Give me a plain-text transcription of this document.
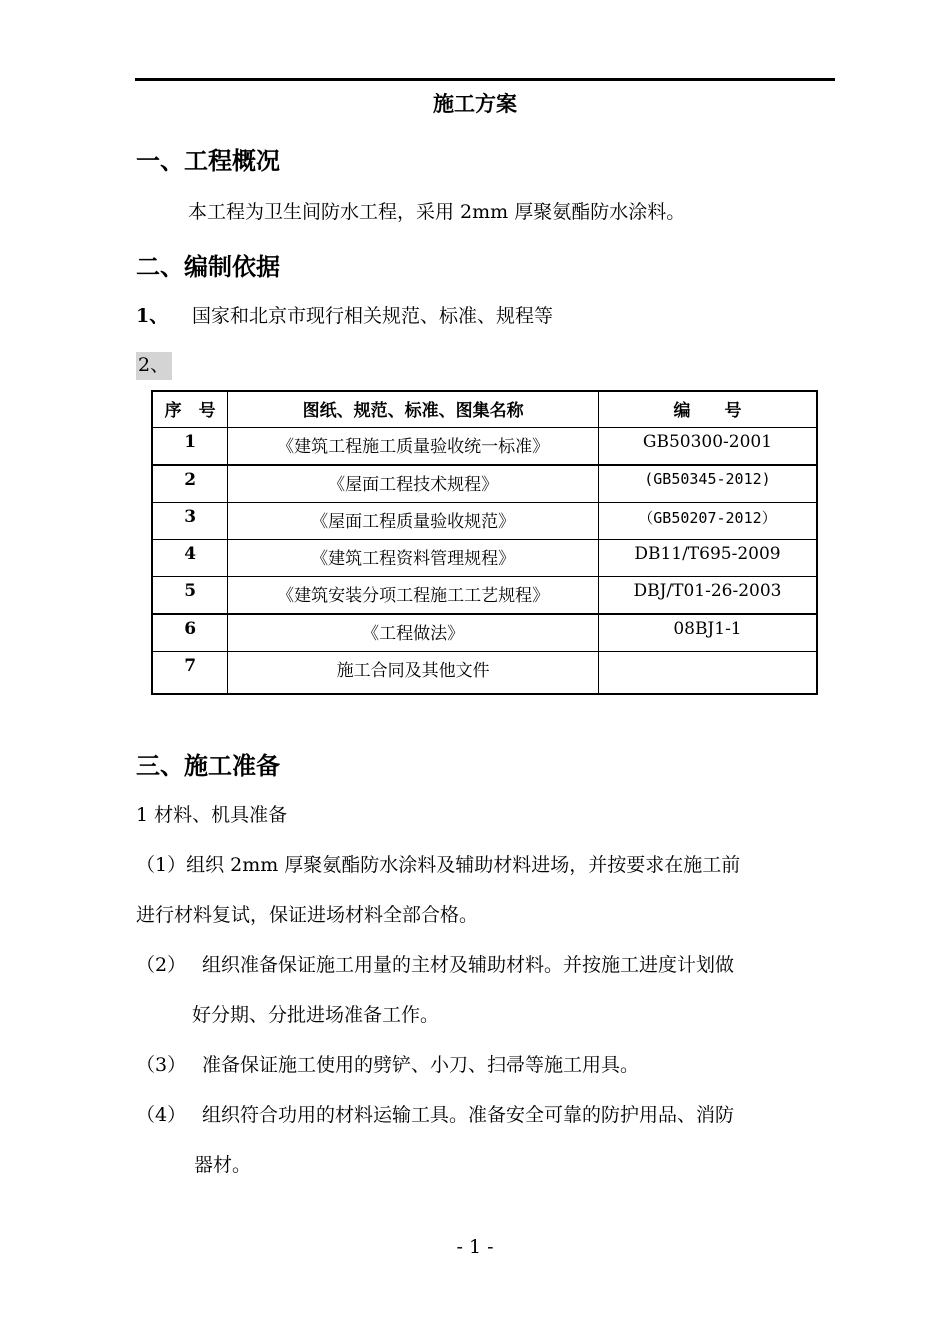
施工方案
一、工程概况
本工程为卫生间防水工程，采用 2mm 厚聚氨酯防水涂料。
二、编制依据
1、 国家和北京市现行相关规范、标准、规程等
2、
序　号	图纸、规范、标准、图集名称	编　　号
1	《建筑工程施工质量验收统一标准》	GB50300-2001
2	《屋面工程技术规程》	(GB50345-2012)
3	《屋面工程质量验收规范》	（GB50207-2012）
4	《建筑工程资料管理规程》	DB11/T695-2009
5	《建筑安装分项工程施工工艺规程》	DBJ/T01-26-2003
6	《工程做法》	08BJ1-1
7	施工合同及其他文件	
三、施工准备
1 材料、机具准备
（1）组织 2mm 厚聚氨酯防水涂料及辅助材料进场，并按要求在施工前
进行材料复试，保证进场材料全部合格。
（2） 组织准备保证施工用量的主材及辅助材料。并按施工进度计划做
好分期、分批进场准备工作。
（3） 准备保证施工使用的劈铲、小刀、扫帚等施工用具。
（4） 组织符合功用的材料运输工具。准备安全可靠的防护用品、消防
器材。
- 1 -
